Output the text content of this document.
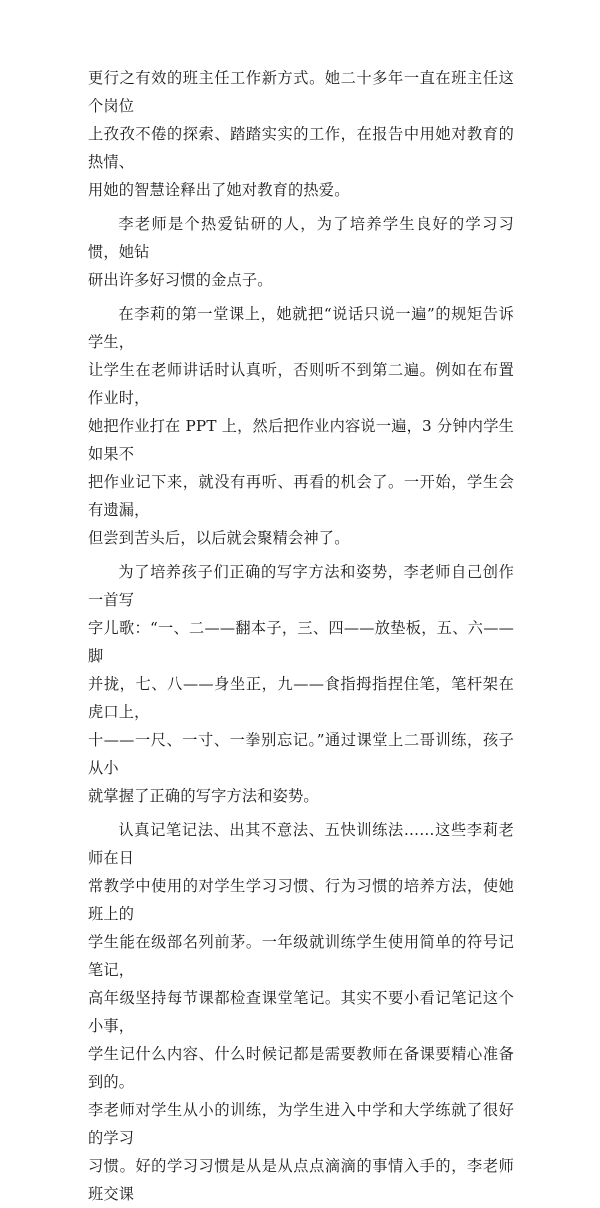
更行之有效的班主任工作新方式。她二十多年一直在班主任这个岗位
上孜孜不倦的探索、踏踏实实的工作，在报告中用她对教育的热情、
用她的智慧诠释出了她对教育的热爱。
李老师是个热爱钻研的人，为了培养学生良好的学习习惯，她钻
研出许多好习惯的金点子。
在李莉的第一堂课上，她就把“说话只说一遍”的规矩告诉学生，
让学生在老师讲话时认真听，否则听不到第二遍。例如在布置作业时，
她把作业打在 PPT 上，然后把作业内容说一遍，3 分钟内学生如果不
把作业记下来，就没有再听、再看的机会了。一开始，学生会有遗漏，
但尝到苦头后，以后就会聚精会神了。
为了培养孩子们正确的写字方法和姿势，李老师自己创作一首写
字儿歌：“一、二——翻本子，三、四——放垫板，五、六——脚
并拢，七、八——身坐正，九——食指拇指捏住笔，笔杆架在虎口上，
十——一尺、一寸、一拳别忘记。”通过课堂上二哥训练，孩子从小
就掌握了正确的写字方法和姿势。
认真记笔记法、出其不意法、五快训练法……这些李莉老师在日
常教学中使用的对学生学习习惯、行为习惯的培养方法，使她班上的
学生能在级部名列前茅。一年级就训练学生使用简单的符号记笔记，
高年级坚持每节课都检查课堂笔记。其实不要小看记笔记这个小事，
学生记什么内容、什么时候记都是需要教师在备课要精心准备到的。
李老师对学生从小的训练，为学生进入中学和大学练就了很好的学习
习惯。好的学习习惯是从是从点点滴滴的事情入手的，李老师班交课
